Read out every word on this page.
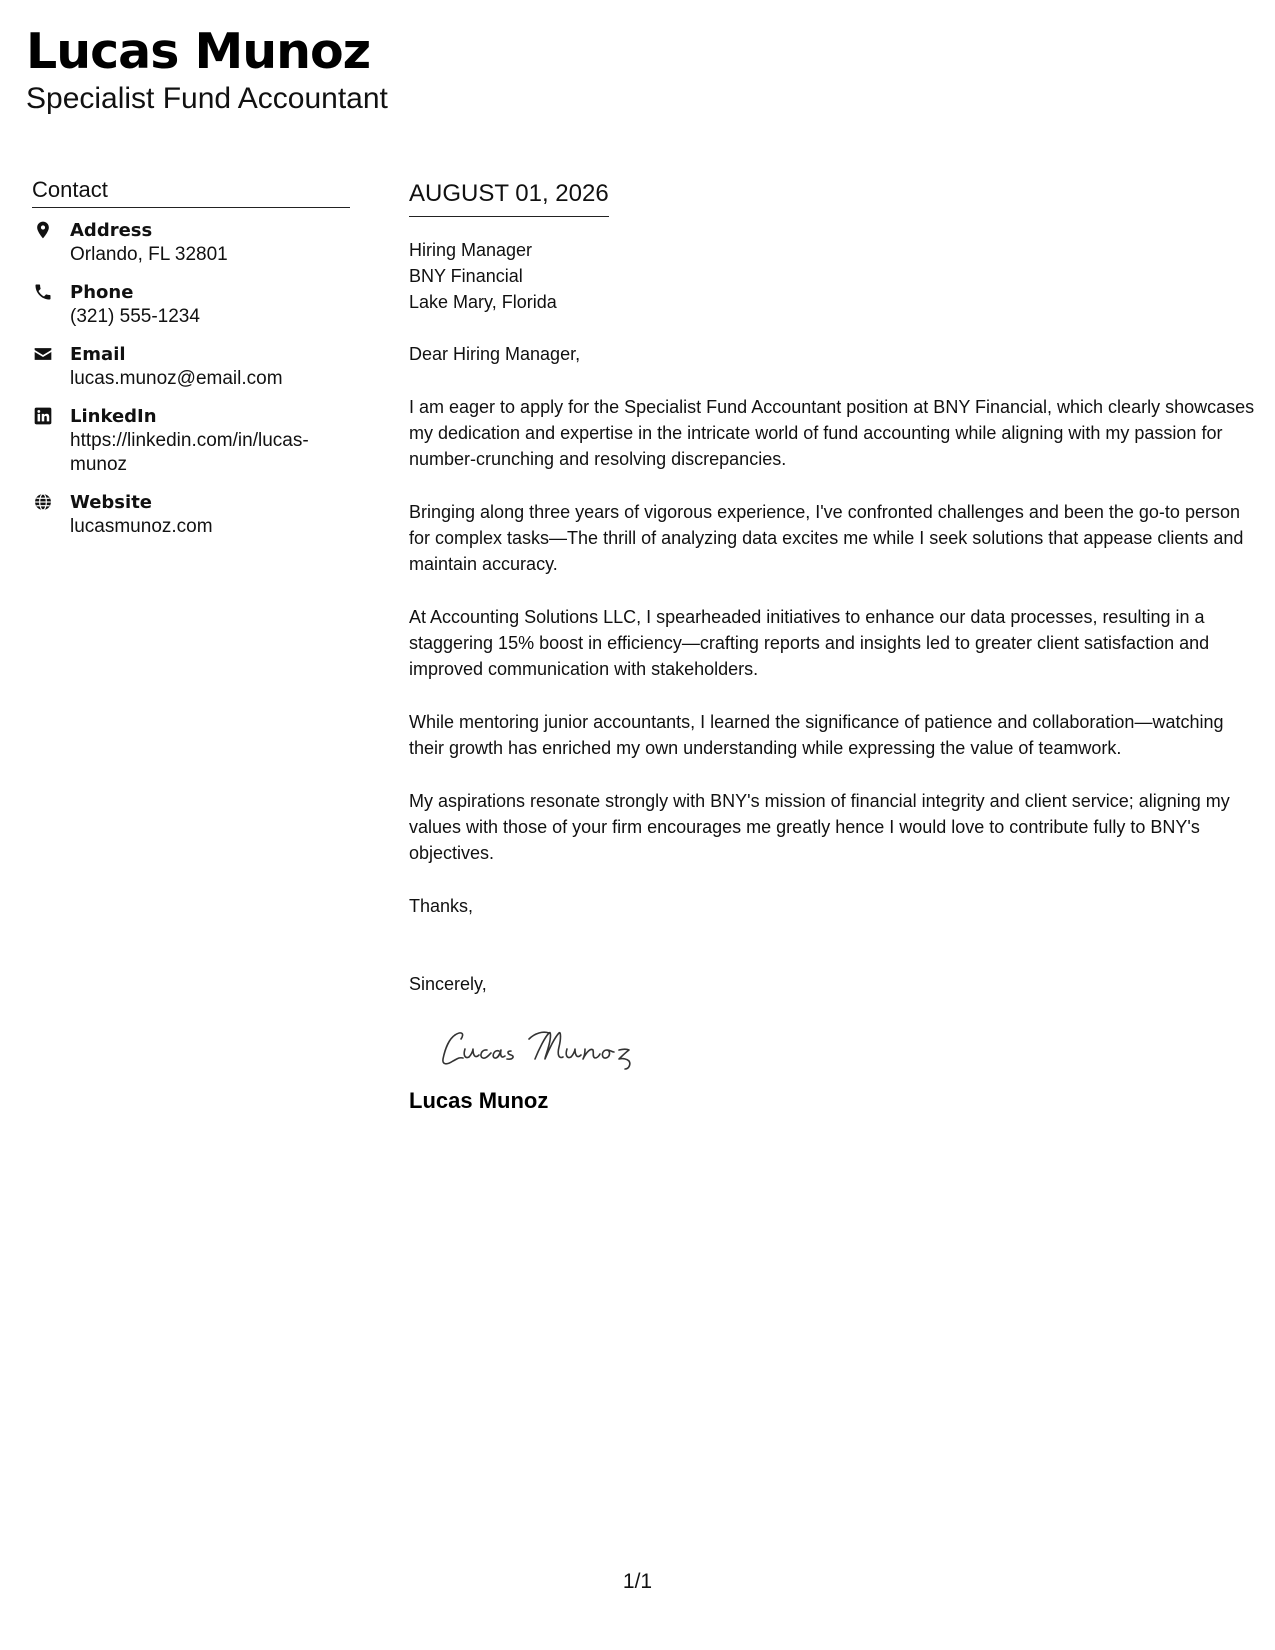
Lucas Munoz
Specialist Fund Accountant
Contact
Address
Orlando, FL 32801
Phone
(321) 555-1234
Email
lucas.munoz@email.com
LinkedIn
https://linkedin.com/in/lucas-munoz
Website
lucasmunoz.com
AUGUST 01, 2026
Hiring Manager
BNY Financial
Lake Mary, Florida

Dear Hiring Manager,

I am eager to apply for the Specialist Fund Accountant position at BNY Financial, which clearly showcases my dedication and expertise in the intricate world of fund accounting while aligning with my passion for number-crunching and resolving discrepancies.

Bringing along three years of vigorous experience, I've confronted challenges and been the go-to person for complex tasks—The thrill of analyzing data excites me while I seek solutions that appease clients and maintain accuracy.

At Accounting Solutions LLC, I spearheaded initiatives to enhance our data processes, resulting in a staggering 15% boost in efficiency—crafting reports and insights led to greater client satisfaction and improved communication with stakeholders.

While mentoring junior accountants, I learned the significance of patience and collaboration—watching their growth has enriched my own understanding while expressing the value of teamwork.

My aspirations resonate strongly with BNY's mission of financial integrity and client service; aligning my values with those of your firm encourages me greatly hence I would love to contribute fully to BNY's objectives.

Thanks,

Sincerely,

Lucas Munoz
1/1
